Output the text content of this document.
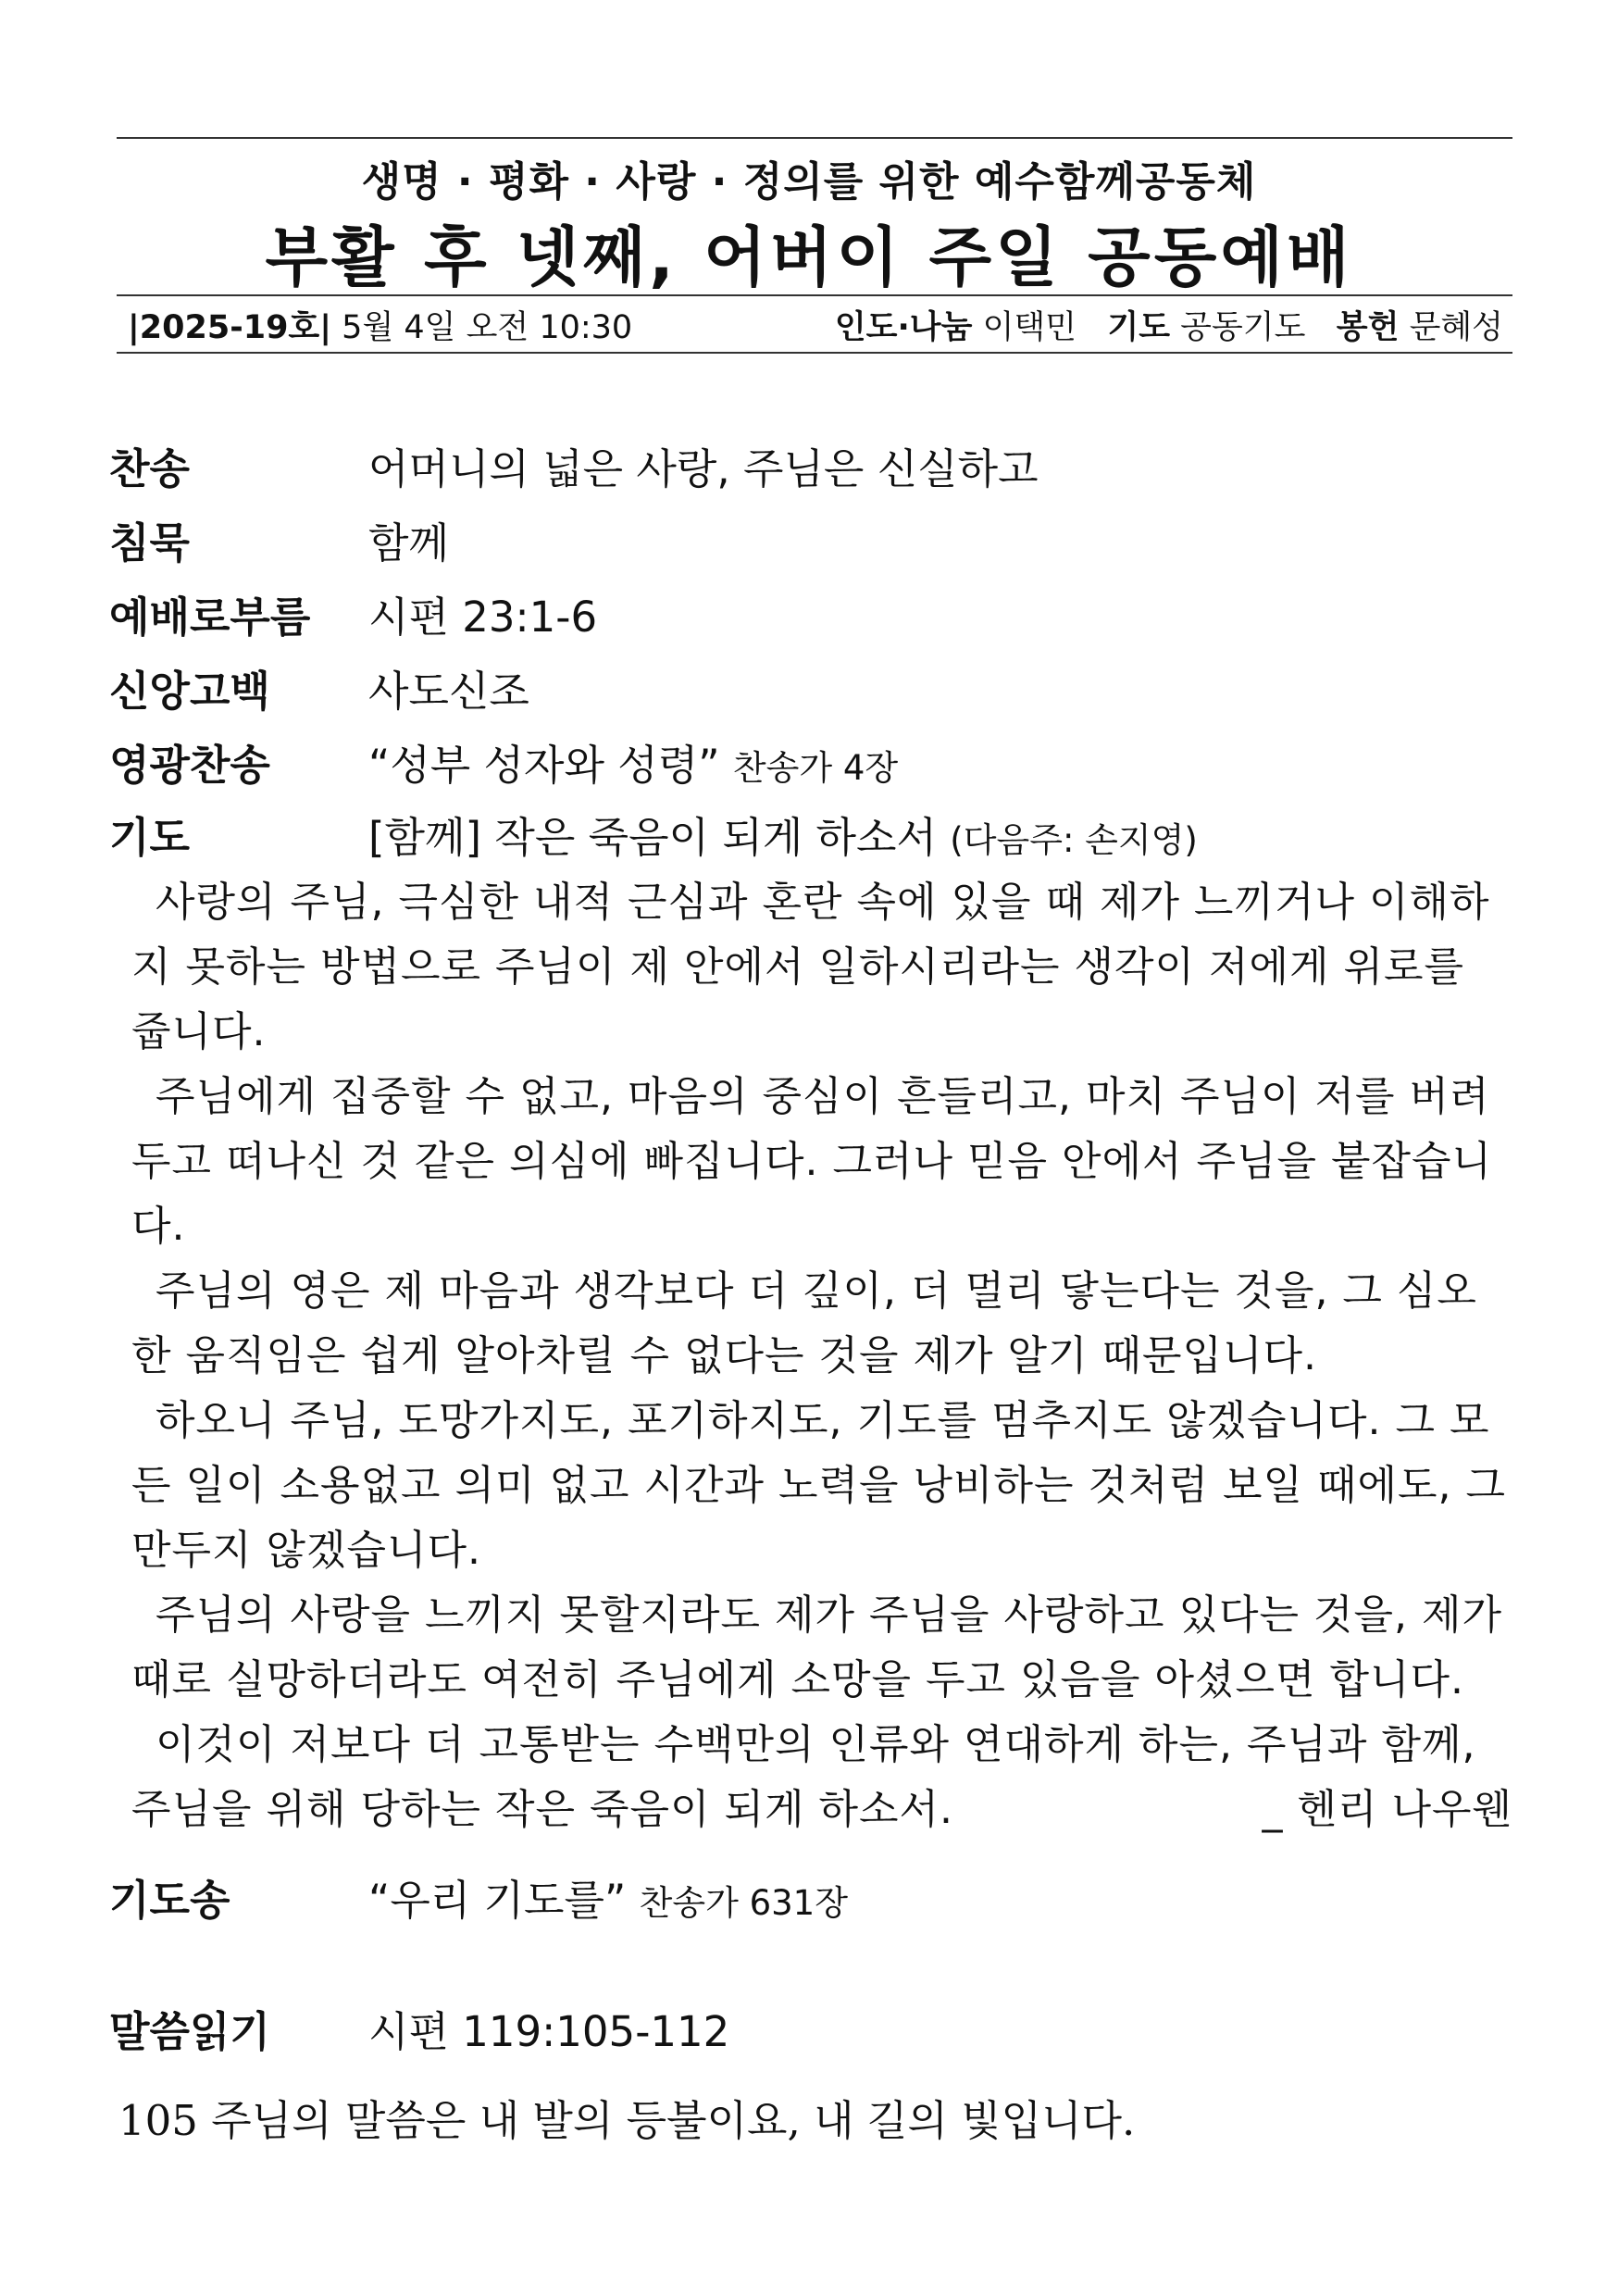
생명 · 평화 · 사랑 · 정의를 위한 예수함께공동체
부활 후 넷째, 어버이 주일 공동예배
|2025-19호| 5월 4일 오전 10:30	인도·나눔 이택민 기도 공동기도 봉헌 문혜성
찬송	어머니의 넓은 사랑, 주님은 신실하고
침묵	함께
예배로부름 시편 23:1-6
신앙고백 사도신조
영광찬송 “성부 성자와 성령” 찬송가 4장
기도	[함께] 작은 죽음이 되게 하소서 (다음주: 손지영)

사랑의 주님, 극심한 내적 근심과 혼란 속에 있을 때 제가 느끼거나 이해하지 못하는 방법으로 주님이 제 안에서 일하시리라는 생각이 저에게 위로를 줍니다.

주님에게 집중할 수 없고, 마음의 중심이 흔들리고, 마치 주님이 저를 버려두고 떠나신 것 같은 의심에 빠집니다. 그러나 믿음 안에서 주님을 붙잡습니다.

주님의 영은 제 마음과 생각보다 더 깊이, 더 멀리 닿는다는 것을, 그 심오한 움직임은 쉽게 알아차릴 수 없다는 것을 제가 알기 때문입니다.

하오니 주님, 도망가지도, 포기하지도, 기도를 멈추지도 않겠습니다. 그 모든 일이 소용없고 의미 없고 시간과 노력을 낭비하는 것처럼 보일 때에도, 그만두지 않겠습니다.

주님의 사랑을 느끼지 못할지라도 제가 주님을 사랑하고 있다는 것을, 제가 때로 실망하더라도 여전히 주님에게 소망을 두고 있음을 아셨으면 합니다.

이것이 저보다 더 고통받는 수백만의 인류와 연대하게 하는, 주님과 함께, 주님을 위해 당하는 작은 죽음이 되게 하소서.	_ 헨리 나우웬

기도송	“우리 기도를” 찬송가 631장
말씀읽기 시편 119:105-112
105 주님의 말씀은 내 발의 등불이요, 내 길의 빛입니다.
